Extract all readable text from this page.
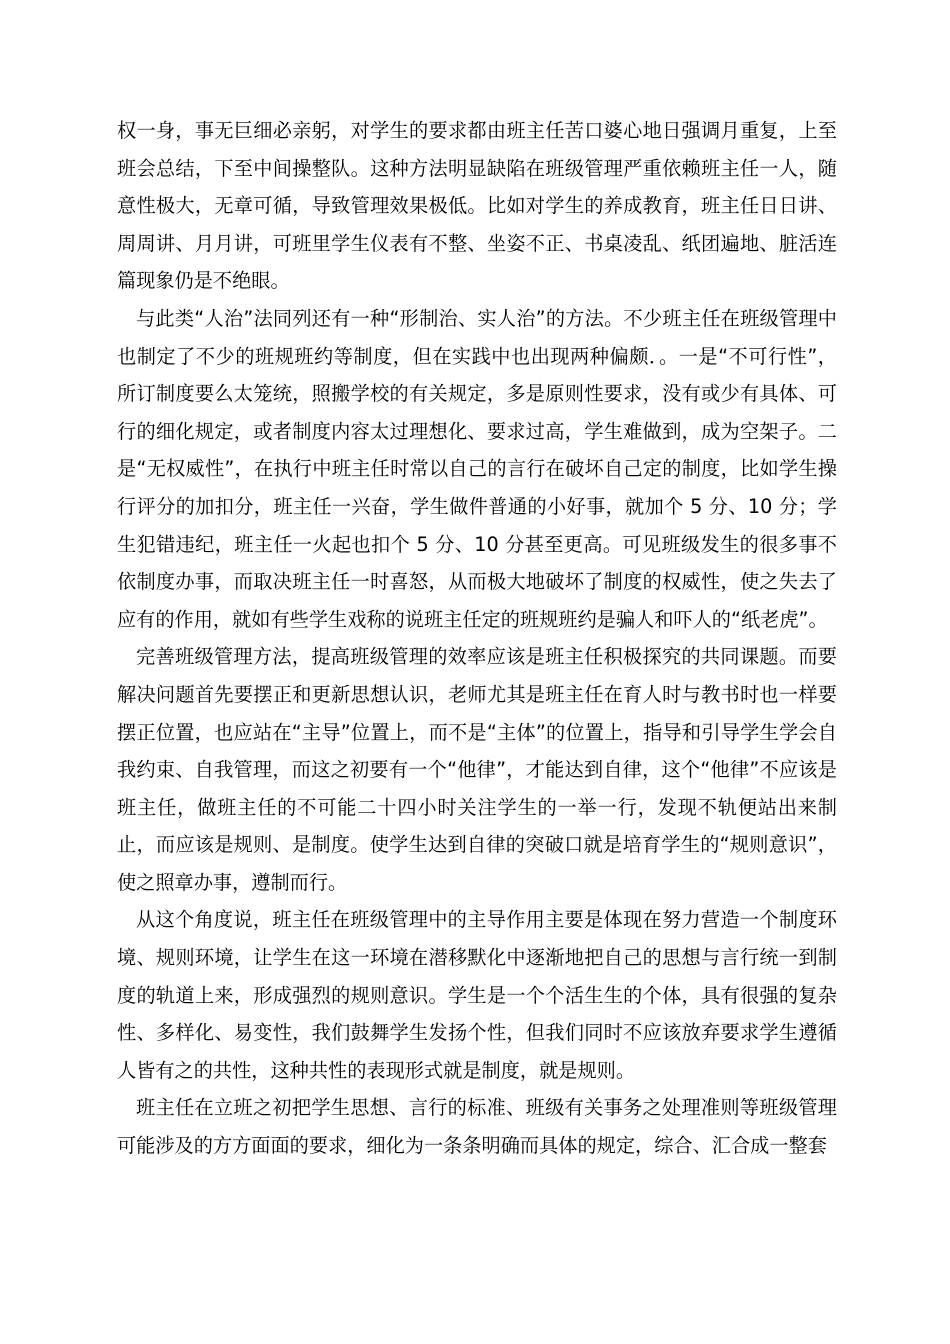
权一身，事无巨细必亲躬，对学生的要求都由班主任苦口婆心地日强调月重复，上至班会总结，下至中间操整队。这种方法明显缺陷在班级管理严重依赖班主任一人，随意性极大，无章可循，导致管理效果极低。比如对学生的养成教育，班主任日日讲、周周讲、月月讲，可班里学生仪表有不整、坐姿不正、书桌凌乱、纸团遍地、脏活连篇现象仍是不绝眼。

与此类“人治”法同列还有一种“形制治、实人治”的方法。不少班主任在班级管理中也制定了不少的班规班约等制度，但在实践中也出现两种偏颇．。一是“不可行性”，所订制度要么太笼统，照搬学校的有关规定，多是原则性要求，没有或少有具体、可行的细化规定，或者制度内容太过理想化、要求过高，学生难做到，成为空架子。二是“无权威性”，在执行中班主任时常以自己的言行在破坏自己定的制度，比如学生操行评分的加扣分，班主任一兴奋，学生做件普通的小好事，就加个 5 分、10 分；学生犯错违纪，班主任一火起也扣个 5 分、10 分甚至更高。可见班级发生的很多事不依制度办事，而取决班主任一时喜怒，从而极大地破坏了制度的权威性，使之失去了应有的作用，就如有些学生戏称的说班主任定的班规班约是骗人和吓人的“纸老虎”。

完善班级管理方法，提高班级管理的效率应该是班主任积极探究的共同课题。而要解决问题首先要摆正和更新思想认识，老师尤其是班主任在育人时与教书时也一样要摆正位置，也应站在“主导”位置上，而不是“主体”的位置上，指导和引导学生学会自我约束、自我管理，而这之初要有一个“他律”，才能达到自律，这个“他律”不应该是班主任，做班主任的不可能二十四小时关注学生的一举一行，发现不轨便站出来制止，而应该是规则、是制度。使学生达到自律的突破口就是培育学生的“规则意识”，使之照章办事，遵制而行。

从这个角度说，班主任在班级管理中的主导作用主要是体现在努力营造一个制度环境、规则环境，让学生在这一环境在潜移默化中逐渐地把自己的思想与言行统一到制度的轨道上来，形成强烈的规则意识。学生是一个个活生生的个体，具有很强的复杂性、多样化、易变性，我们鼓舞学生发扬个性，但我们同时不应该放弃要求学生遵循人皆有之的共性，这种共性的表现形式就是制度，就是规则。

班主任在立班之初把学生思想、言行的标准、班级有关事务之处理准则等班级管理可能涉及的方方面面的要求，细化为一条条明确而具体的规定，综合、汇合成一整套
